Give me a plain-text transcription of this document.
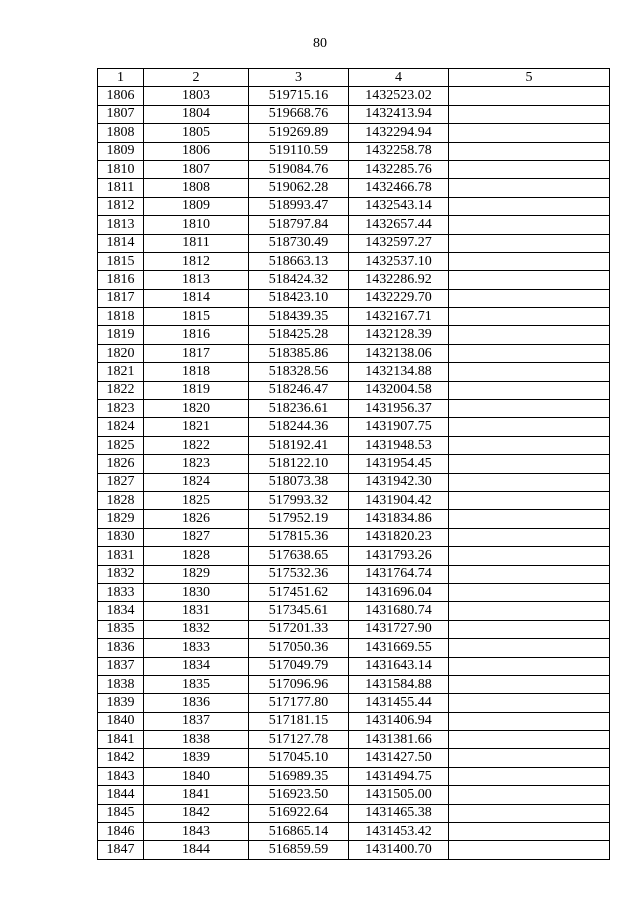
80
1	2	3	4	5
1806	1803	519715.16	1432523.02	
1807	1804	519668.76	1432413.94	
1808	1805	519269.89	1432294.94	
1809	1806	519110.59	1432258.78	
1810	1807	519084.76	1432285.76	
1811	1808	519062.28	1432466.78	
1812	1809	518993.47	1432543.14	
1813	1810	518797.84	1432657.44	
1814	1811	518730.49	1432597.27	
1815	1812	518663.13	1432537.10	
1816	1813	518424.32	1432286.92	
1817	1814	518423.10	1432229.70	
1818	1815	518439.35	1432167.71	
1819	1816	518425.28	1432128.39	
1820	1817	518385.86	1432138.06	
1821	1818	518328.56	1432134.88	
1822	1819	518246.47	1432004.58	
1823	1820	518236.61	1431956.37	
1824	1821	518244.36	1431907.75	
1825	1822	518192.41	1431948.53	
1826	1823	518122.10	1431954.45	
1827	1824	518073.38	1431942.30	
1828	1825	517993.32	1431904.42	
1829	1826	517952.19	1431834.86	
1830	1827	517815.36	1431820.23	
1831	1828	517638.65	1431793.26	
1832	1829	517532.36	1431764.74	
1833	1830	517451.62	1431696.04	
1834	1831	517345.61	1431680.74	
1835	1832	517201.33	1431727.90	
1836	1833	517050.36	1431669.55	
1837	1834	517049.79	1431643.14	
1838	1835	517096.96	1431584.88	
1839	1836	517177.80	1431455.44	
1840	1837	517181.15	1431406.94	
1841	1838	517127.78	1431381.66	
1842	1839	517045.10	1431427.50	
1843	1840	516989.35	1431494.75	
1844	1841	516923.50	1431505.00	
1845	1842	516922.64	1431465.38	
1846	1843	516865.14	1431453.42	
1847	1844	516859.59	1431400.70	
